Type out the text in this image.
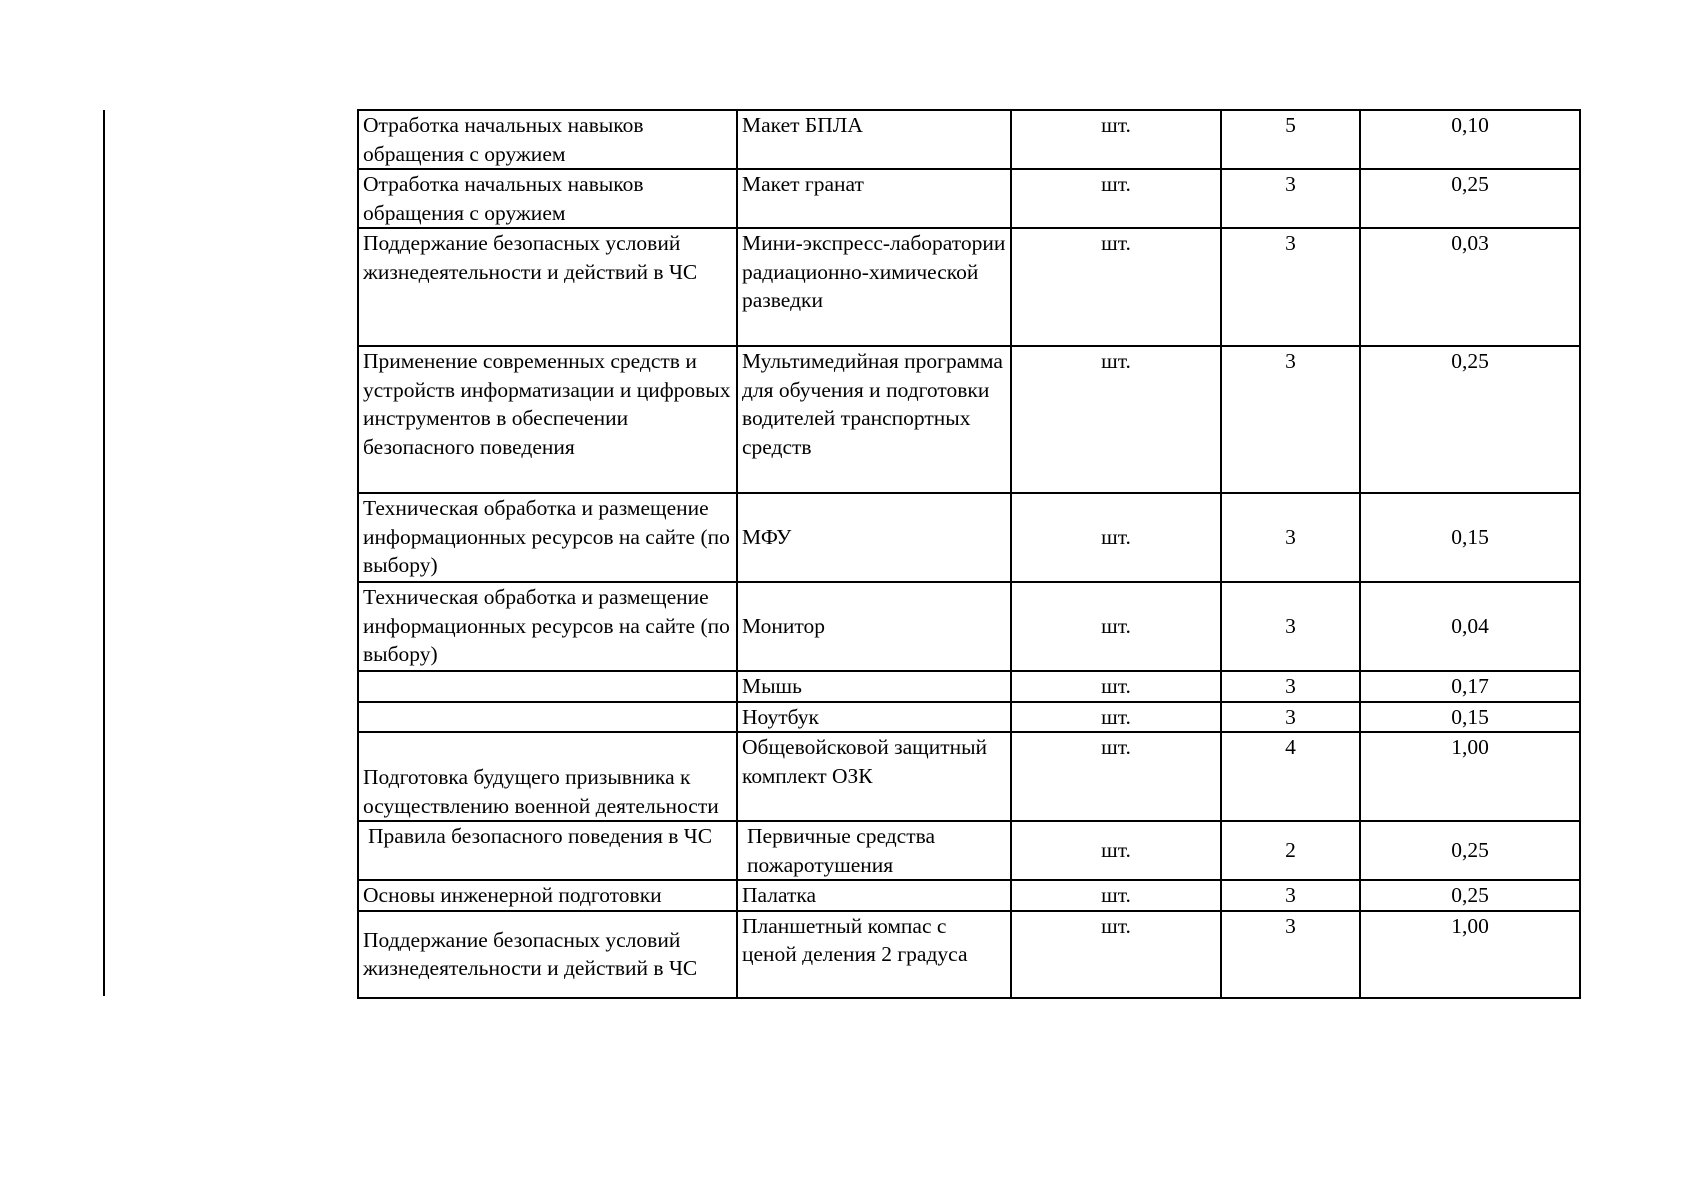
Отработка начальных навыков обращения с оружием	Макет БПЛА	шт.	5	0,10
Отработка начальных навыков обращения с оружием	Макет гранат	шт.	3	0,25
Поддержание безопасных условий жизнедеятельности и действий в ЧС	Мини-экспресс-лаборатории радиационно-химической разведки	шт.	3	0,03
Применение современных средств и устройств информатизации и цифровых инструментов в обеспечении безопасного поведения	Мультимедийная программа для обучения и подготовки водителей транспортных средств	шт.	3	0,25
Техническая обработка и размещение информационных ресурсов на сайте (по выбору)	МФУ	шт.	3	0,15
Техническая обработка и размещение информационных ресурсов на сайте (по выбору)	Монитор	шт.	3	0,04
	Мышь	шт.	3	0,17
	Ноутбук	шт.	3	0,15
Подготовка будущего призывника к осуществлению военной деятельности	Общевойсковой защитный комплект ОЗК	шт.	4	1,00
Правила безопасного поведения в ЧС	Первичные средства пожаротушения	шт.	2	0,25
Основы инженерной подготовки	Палатка	шт.	3	0,25
Поддержание безопасных условий жизнедеятельности и действий в ЧС	Планшетный компас с ценой деления 2 градуса	шт.	3	1,00
